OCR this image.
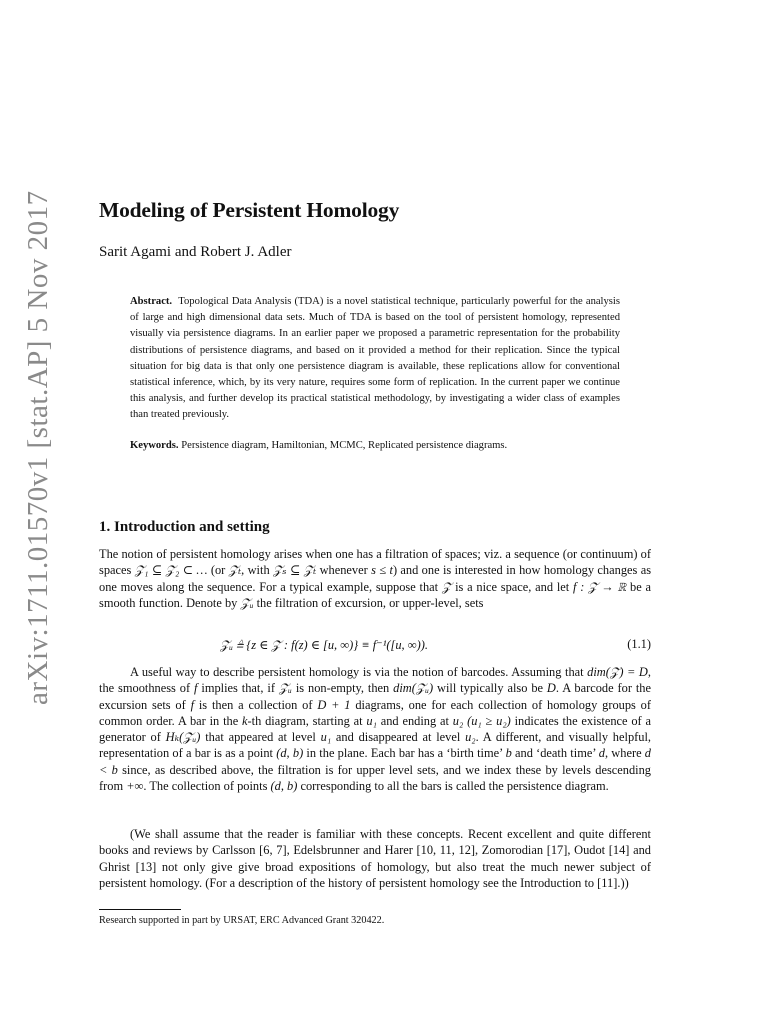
arXiv:1711.01570v1 [stat.AP] 5 Nov 2017 Modeling of Persistent Homology
Sarit Agami and Robert J. Adler

Abstract. Topological Data Analysis (TDA) is a novel statistical technique, particularly powerful for the analysis of large and high dimensional data sets. Much of TDA is based on the tool of persistent homology, represented visually via persistence diagrams. In an earlier paper we proposed a parametric representation for the probability distributions of persistence diagrams, and based on it provided a method for their replication. Since the typical situation for big data is that only one persistence diagram is available, these replications allow for conventional statistical inference, which, by its very nature, requires some form of replication. In the current paper we continue this analysis, and further develop its practical statistical methodology, by investigating a wider class of examples than treated previously.

Keywords. Persistence diagram, Hamiltonian, MCMC, Replicated persistence diagrams.

1. Introduction and setting

The notion of persistent homology arises when one has a filtration of spaces; viz. a sequence (or continuum) of spaces 𝒵₁ ⊆ 𝒵₂ ⊂ … (or 𝒵ₜ, with 𝒵ₛ ⊆ 𝒵ₜ whenever s ≤ t) and one is interested in how homology changes as one moves along the sequence. For a typical example, suppose that 𝒵 is a nice space, and let f : 𝒵 → ℝ be a smooth function. Denote by 𝒵ᵤ the filtration of excursion, or upper-level, sets

𝒵ᵤ ≜ {z ∈ 𝒵 : f(z) ∈ [u, ∞)} ≡ f⁻¹([u, ∞)).	(1.1)

A useful way to describe persistent homology is via the notion of barcodes. Assuming that dim(𝒵) = D, the smoothness of f implies that, if 𝒵ᵤ is non-empty, then dim(𝒵ᵤ) will typically also be D. A barcode for the excursion sets of f is then a collection of D + 1 diagrams, one for each collection of homology groups of common order. A bar in the k-th diagram, starting at u₁ and ending at u₂ (u₁ ≥ u₂) indicates the existence of a generator of Hₖ(𝒵ᵤ) that appeared at level u₁ and disappeared at level u₂. A different, and visually helpful, representation of a bar is as a point (d, b) in the plane. Each bar has a ‘birth time’ b and ‘death time’ d, where d < b since, as described above, the filtration is for upper level sets, and we index these by levels descending from +∞. The collection of points (d, b) corresponding to all the bars is called the persistence diagram.

(We shall assume that the reader is familiar with these concepts. Recent excellent and quite different books and reviews by Carlsson [6, 7], Edelsbrunner and Harer [10, 11, 12], Zomorodian [17], Oudot [14] and Ghrist [13] not only give give broad expositions of homology, but also treat the much newer subject of persistent homology. (For a description of the history of persistent homology see the Introduction to [11].))

Research supported in part by URSAT, ERC Advanced Grant 320422.
